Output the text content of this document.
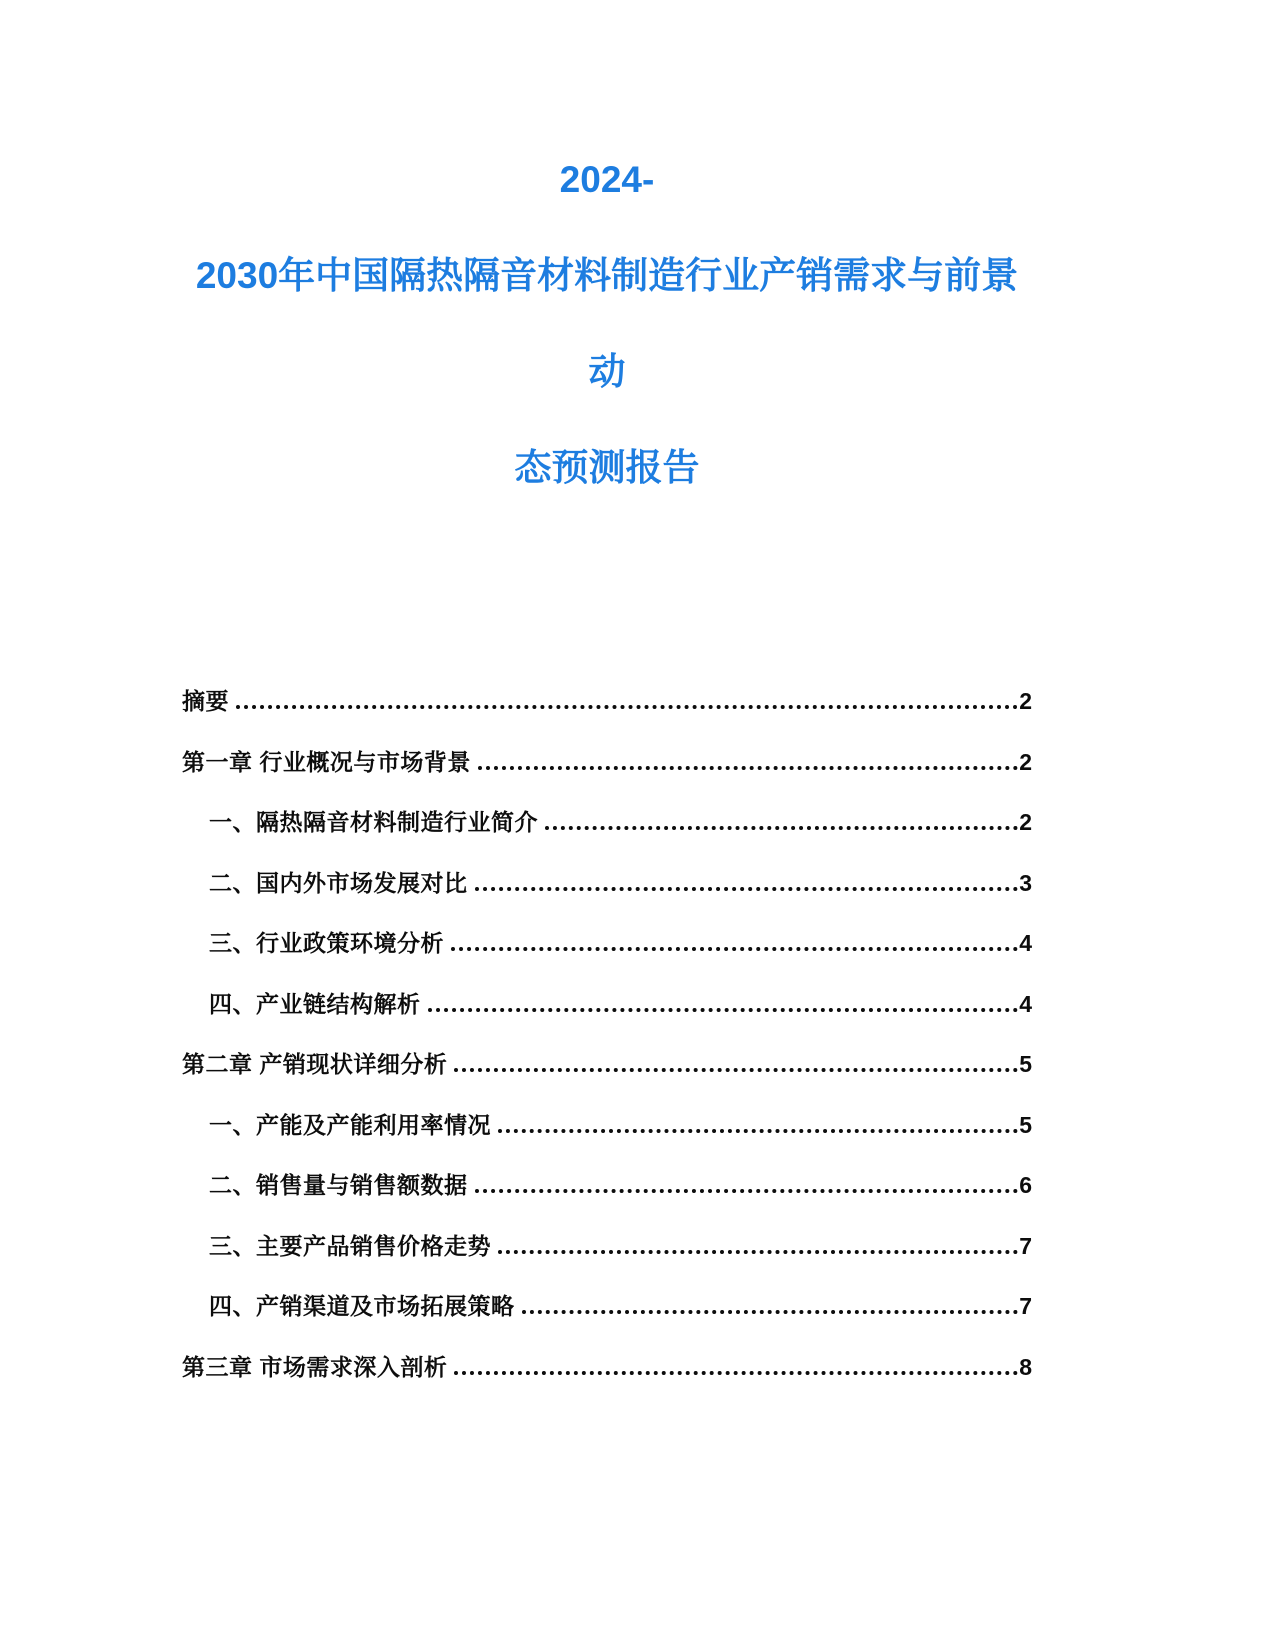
2024-
2030年中国隔热隔音材料制造行业产销需求与前景动
态预测报告
摘要	2
第一章 行业概况与市场背景	2
一、隔热隔音材料制造行业简介	2
二、国内外市场发展对比	3
三、行业政策环境分析	4
四、产业链结构解析	4
第二章 产销现状详细分析	5
一、产能及产能利用率情况	5
二、销售量与销售额数据	6
三、主要产品销售价格走势	7
四、产销渠道及市场拓展策略	7
第三章 市场需求深入剖析	8
